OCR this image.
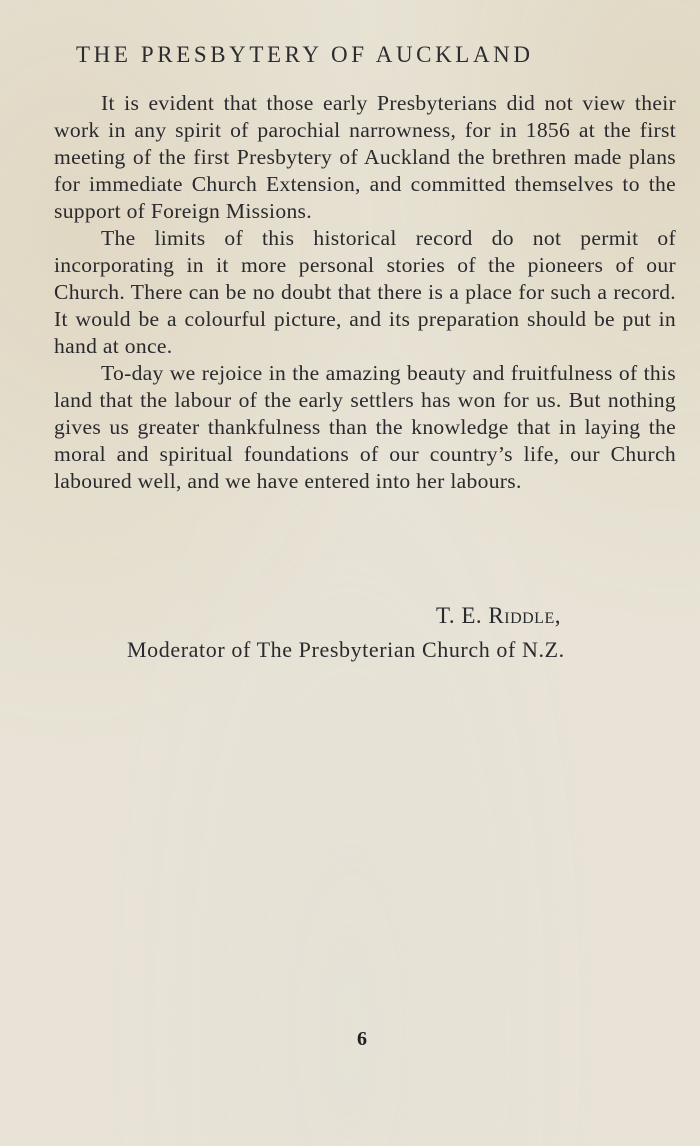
THE PRESBYTERY OF AUCKLAND

It is evident that those early Presbyterians did not view their work in any spirit of parochial narrowness, for in 1856 at the first meeting of the first Presbytery of Auckland the brethren made plans for immediate Church Extension, and committed themselves to the support of Foreign Missions.

The limits of this historical record do not permit of incorporating in it more personal stories of the pioneers of our Church. There can be no doubt that there is a place for such a record. It would be a colourful picture, and its preparation should be put in hand at once.

To-day we rejoice in the amazing beauty and fruitfulness of this land that the labour of the early settlers has won for us. But nothing gives us greater thankfulness than the knowledge that in laying the moral and spiritual foundations of our country’s life, our Church laboured well, and we have entered into her labours.

T. E. Riddle,
Moderator of The Presbyterian Church of N.Z.
6
